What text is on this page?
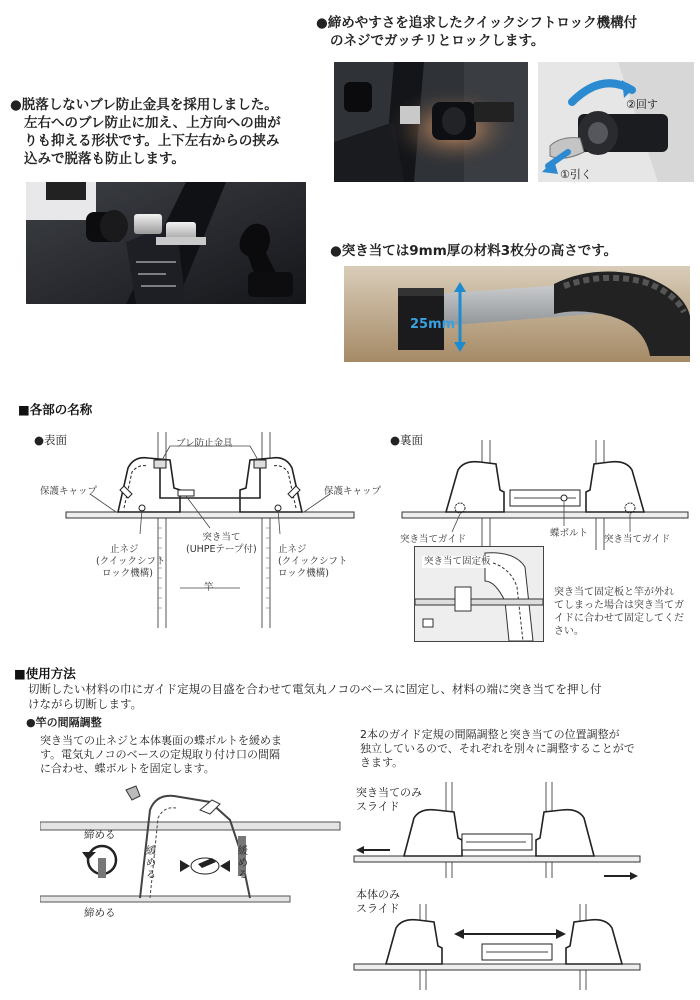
●脱落しないブレ防止金具を採用しました。
左右へのブレ防止に加え、上方向への曲が
りも抑える形状です。上下左右からの挟み
込みで脱落も防止します。
●締めやすさを追求したクイックシフトロック機構付
のネジでガッチリとロックします。
②回す
①引く
●突き当ては9mm厚の材料3枚分の高さです。
25mm
■各部の名称
●表面	●裏面
ブレ防止金具
保護キャップ	保護キャップ
突き当て
(UHPEテープ付)
止ネジ
(クイックシフト
ロック機構)
止ネジ
(クイックシフト
ロック機構)
竿
突き当てガイド
蝶ボルト
突き当てガイド
突き当て固定板
突き当て固定板と竿が外れ
てしまった場合は突き当てガ
イドに合わせて固定してくだ
さい。
■使用方法
切断したい材料の巾にガイド定規の目盛を合わせて電気丸ノコのベースに固定し、材料の端に突き当てを押し付
けながら切断します。
●竿の間隔調整
突き当ての止ネジと本体裏面の蝶ボルトを緩めま
す。電気丸ノコのベースの定規取り付け口の間隔
に合わせ、蝶ボルトを固定します。
締める
締める
緩
め
る
緩
め
る
2本のガイド定規の間隔調整と突き当ての位置調整が
独立しているので、それぞれを別々に調整することがで
きます。
突き当てのみ
スライド
本体のみ
スライド
